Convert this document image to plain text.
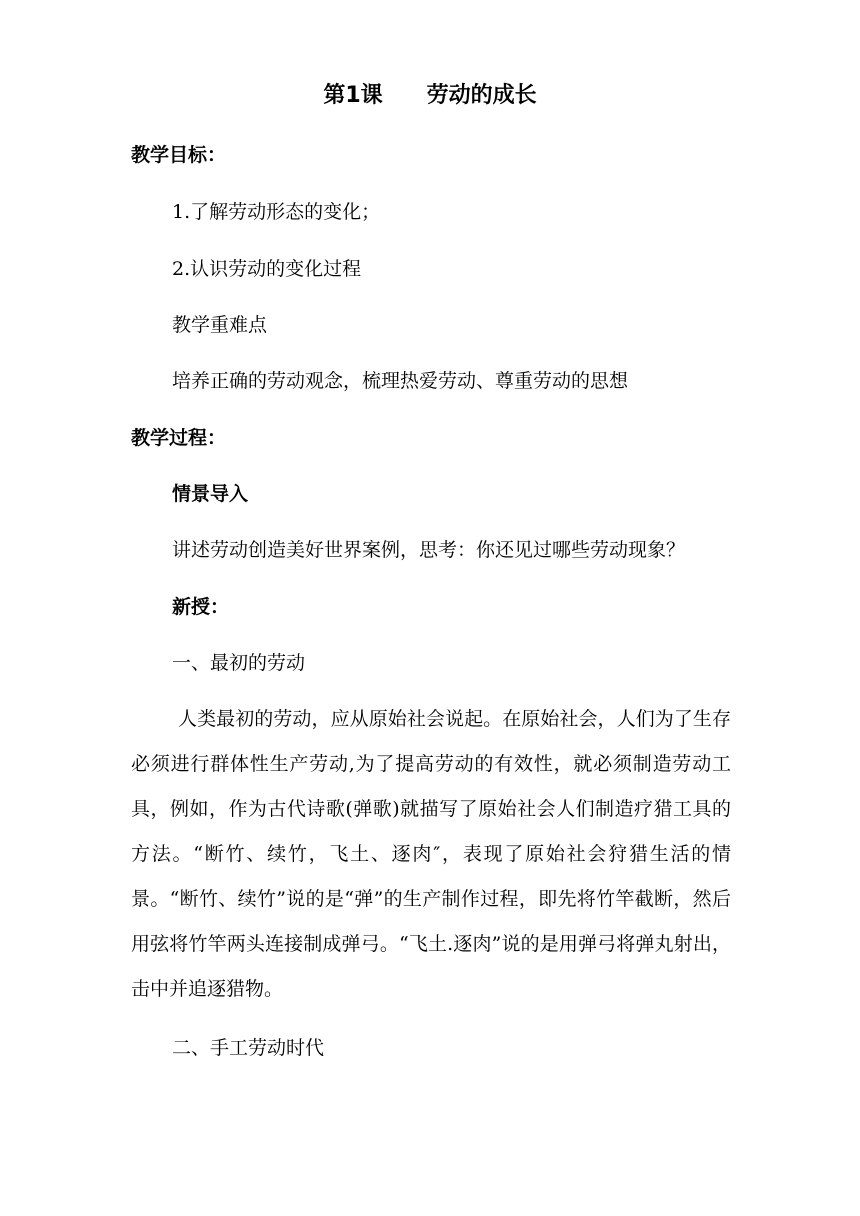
第1课 劳动的成长
教学目标：
1.了解劳动形态的变化；
2.认识劳动的变化过程
教学重难点
培养正确的劳动观念，梳理热爱劳动、尊重劳动的思想
教学过程：
情景导入
讲述劳动创造美好世界案例，思考：你还见过哪些劳动现象？
新授：
一、最初的劳动
人类最初的劳动，应从原始社会说起。在原始社会，人们为了生存必须进行群体性生产劳动,为了提高劳动的有效性，就必须制造劳动工具，例如，作为古代诗歌(弹歌)就描写了原始社会人们制造疗猎工具的方法。“断竹、续竹，飞土、逐肉″，表现了原始社会狩猎生活的情景。“断竹、续竹”说的是“弹”的生产制作过程，即先将竹竿截断，然后用弦将竹竿两头连接制成弹弓。“飞土.逐肉”说的是用弹弓将弹丸射出，击中并追逐猎物。
二、手工劳动时代
